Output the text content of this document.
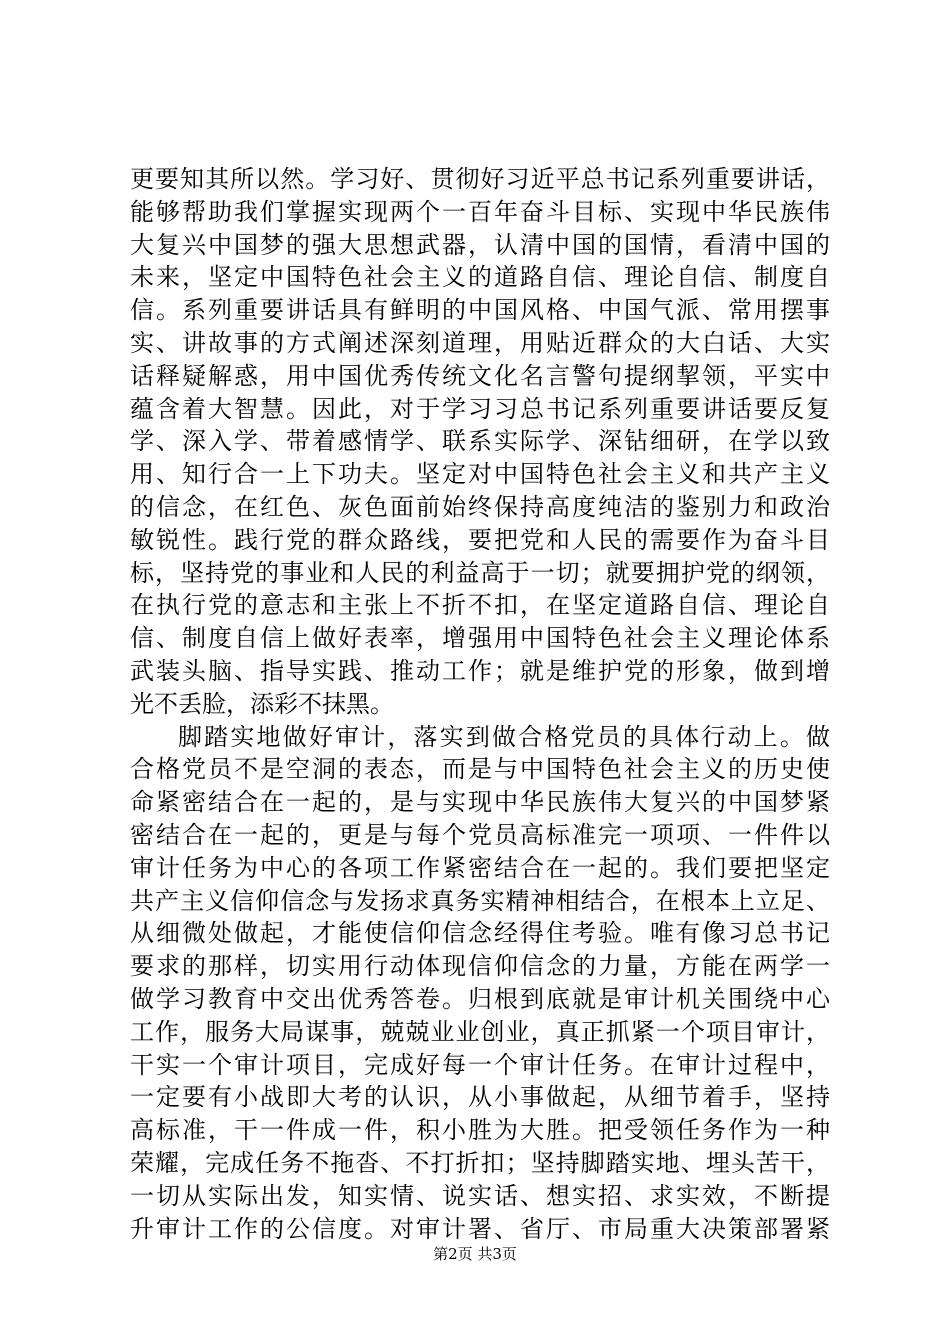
更要知其所以然。学习好、贯彻好习近平总书记系列重要讲话，
能够帮助我们掌握实现两个一百年奋斗目标、实现中华民族伟
大复兴中国梦的强大思想武器，认清中国的国情，看清中国的
未来，坚定中国特色社会主义的道路自信、理论自信、制度自
信。系列重要讲话具有鲜明的中国风格、中国气派、常用摆事
实、讲故事的方式阐述深刻道理，用贴近群众的大白话、大实
话释疑解惑，用中国优秀传统文化名言警句提纲挈领，平实中
蕴含着大智慧。因此，对于学习习总书记系列重要讲话要反复
学、深入学、带着感情学、联系实际学、深钻细研，在学以致
用、知行合一上下功夫。坚定对中国特色社会主义和共产主义
的信念，在红色、灰色面前始终保持高度纯洁的鉴别力和政治
敏锐性。践行党的群众路线，要把党和人民的需要作为奋斗目
标，坚持党的事业和人民的利益高于一切；就要拥护党的纲领，
在执行党的意志和主张上不折不扣，在坚定道路自信、理论自
信、制度自信上做好表率，增强用中国特色社会主义理论体系
武装头脑、指导实践、推动工作；就是维护党的形象，做到增
光不丢脸，添彩不抹黑。
脚踏实地做好审计，落实到做合格党员的具体行动上。做
合格党员不是空洞的表态，而是与中国特色社会主义的历史使
命紧密结合在一起的，是与实现中华民族伟大复兴的中国梦紧
密结合在一起的，更是与每个党员高标准完一项项、一件件以
审计任务为中心的各项工作紧密结合在一起的。我们要把坚定
共产主义信仰信念与发扬求真务实精神相结合，在根本上立足、
从细微处做起，才能使信仰信念经得住考验。唯有像习总书记
要求的那样，切实用行动体现信仰信念的力量，方能在两学一
做学习教育中交出优秀答卷。归根到底就是审计机关围绕中心
工作，服务大局谋事，兢兢业业创业，真正抓紧一个项目审计，
干实一个审计项目，完成好每一个审计任务。在审计过程中，
一定要有小战即大考的认识，从小事做起，从细节着手，坚持
高标准，干一件成一件，积小胜为大胜。把受领任务作为一种
荣耀，完成任务不拖沓、不打折扣；坚持脚踏实地、埋头苦干，
一切从实际出发，知实情、说实话、想实招、求实效，不断提
升审计工作的公信度。对审计署、省厅、市局重大决策部署紧
第2页 共3页
